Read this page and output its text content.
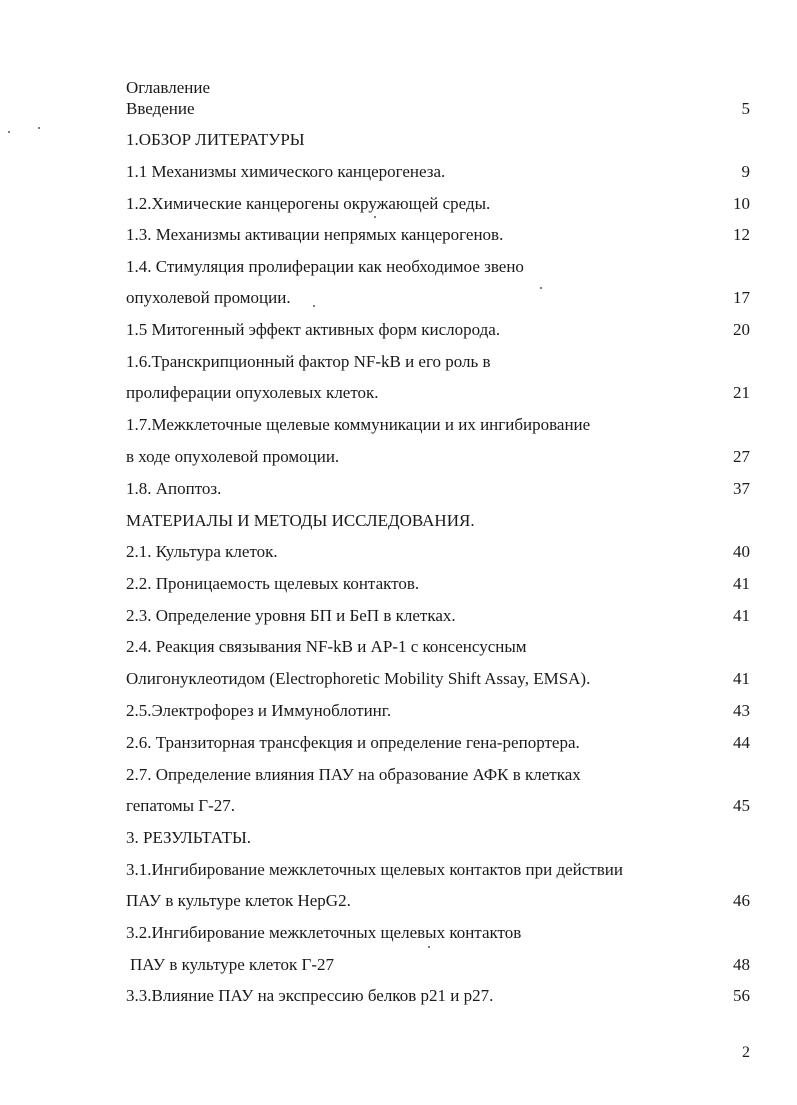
Оглавление
Введение	5
1.ОБЗОР ЛИТЕРАТУРЫ
1.1 Механизмы химического канцерогенеза.	9
1.2.Химические канцерогены окружающей среды.	10
1.3. Механизмы активации непрямых канцерогенов.	12
1.4. Стимуляция пролиферации как необходимое звено
опухолевой промоции.	17
1.5 Митогенный эффект активных форм кислорода.	20
1.6.Транскрипционный фактор NF-kB и его роль в
пролиферации опухолевых клеток.	21
1.7.Межклеточные щелевые коммуникации и их ингибирование
в ходе опухолевой промоции.	27
1.8. Апоптоз.	37
МАТЕРИАЛЫ И МЕТОДЫ ИССЛЕДОВАНИЯ.
2.1. Культура клеток.	40
2.2. Проницаемость щелевых контактов.	41
2.3. Определение уровня БП и БеП в клетках.	41
2.4. Реакция связывания NF-kB и AP-1 с консенсусным
Олигонуклеотидом (Electrophoretic Mobility Shift Assay, EMSA).	41
2.5.Электрофорез и Иммуноблотинг.	43
2.6. Транзиторная трансфекция и определение гена-репортера.	44
2.7. Определение влияния ПАУ на образование АФК в клетках
гепатомы Г-27.	45
3. РЕЗУЛЬТАТЫ.
3.1.Ингибирование межклеточных щелевых контактов при действии
ПАУ в культуре клеток HepG2.	46
3.2.Ингибирование межклеточных щелевых контактов
ПАУ в культуре клеток Г-27	48
3.3.Влияние ПАУ на экспрессию белков p21 и p27.	56
2
